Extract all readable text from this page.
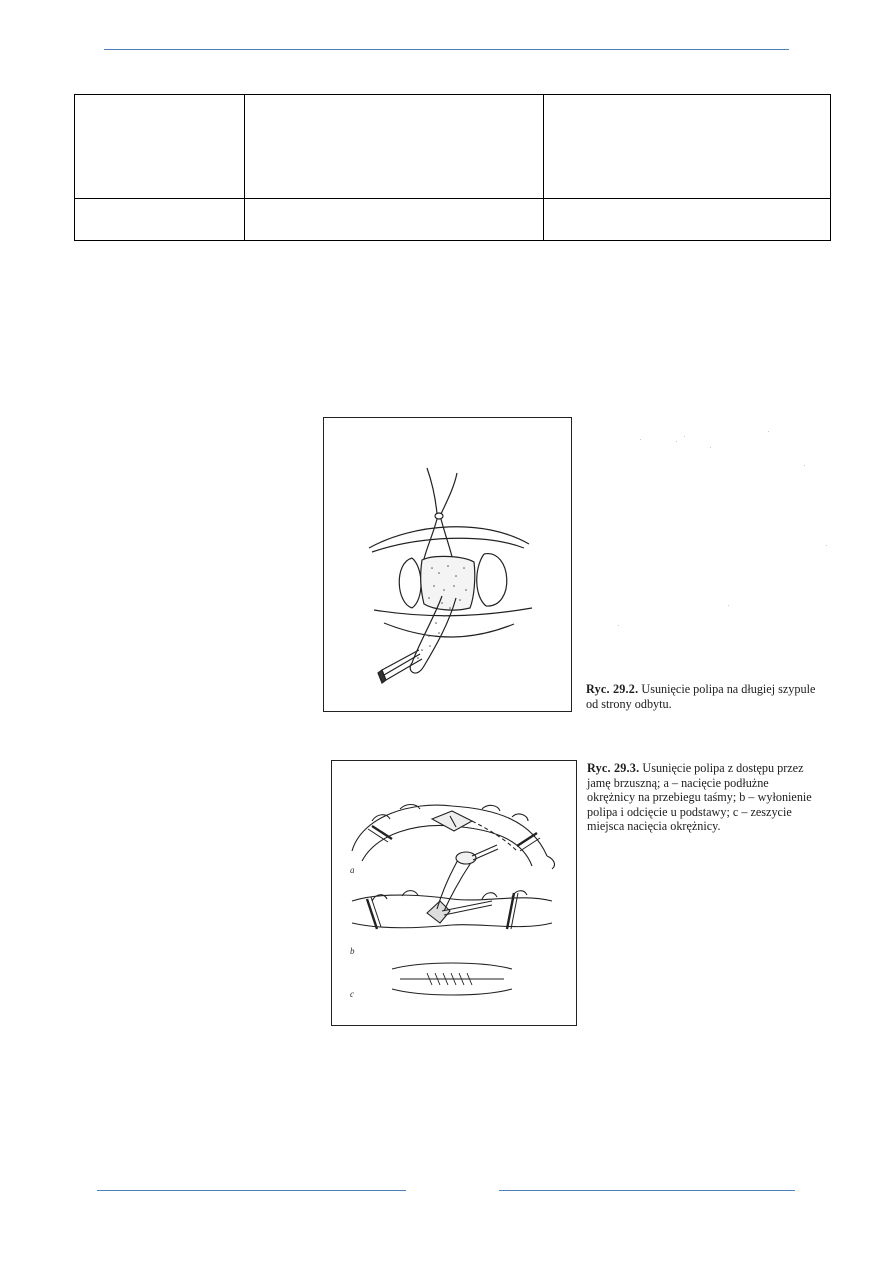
Ryc. 29.2. Usunięcie polipa na długiej szypule od strony odbytu.
a
b
c
Ryc. 29.3. Usunięcie polipa z dostępu przez jamę brzuszną; a – nacięcie podłużne okrężnicy na przebiegu taśmy; b – wyłonienie polipa i odcięcie u podstawy; c – zeszycie miejsca nacięcia okrężnicy.
